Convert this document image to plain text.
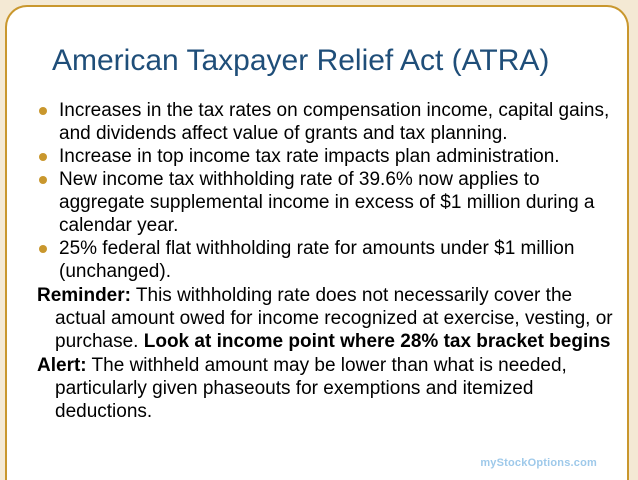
American Taxpayer Relief Act (ATRA)
Increases in the tax rates on compensation income, capital gains, and dividends affect value of grants and tax planning.
Increase in top income tax rate impacts plan administration.
New income tax withholding rate of 39.6% now applies to aggregate supplemental income in excess of $1 million during a calendar year.
25% federal flat withholding rate for amounts under $1 million (unchanged).
Reminder: This withholding rate does not necessarily cover the actual amount owed for income recognized at exercise, vesting, or purchase. Look at income point where 28% tax bracket begins
Alert: The withheld amount may be lower than what is needed, particularly given phaseouts for exemptions and itemized deductions.
myStockOptions.com
